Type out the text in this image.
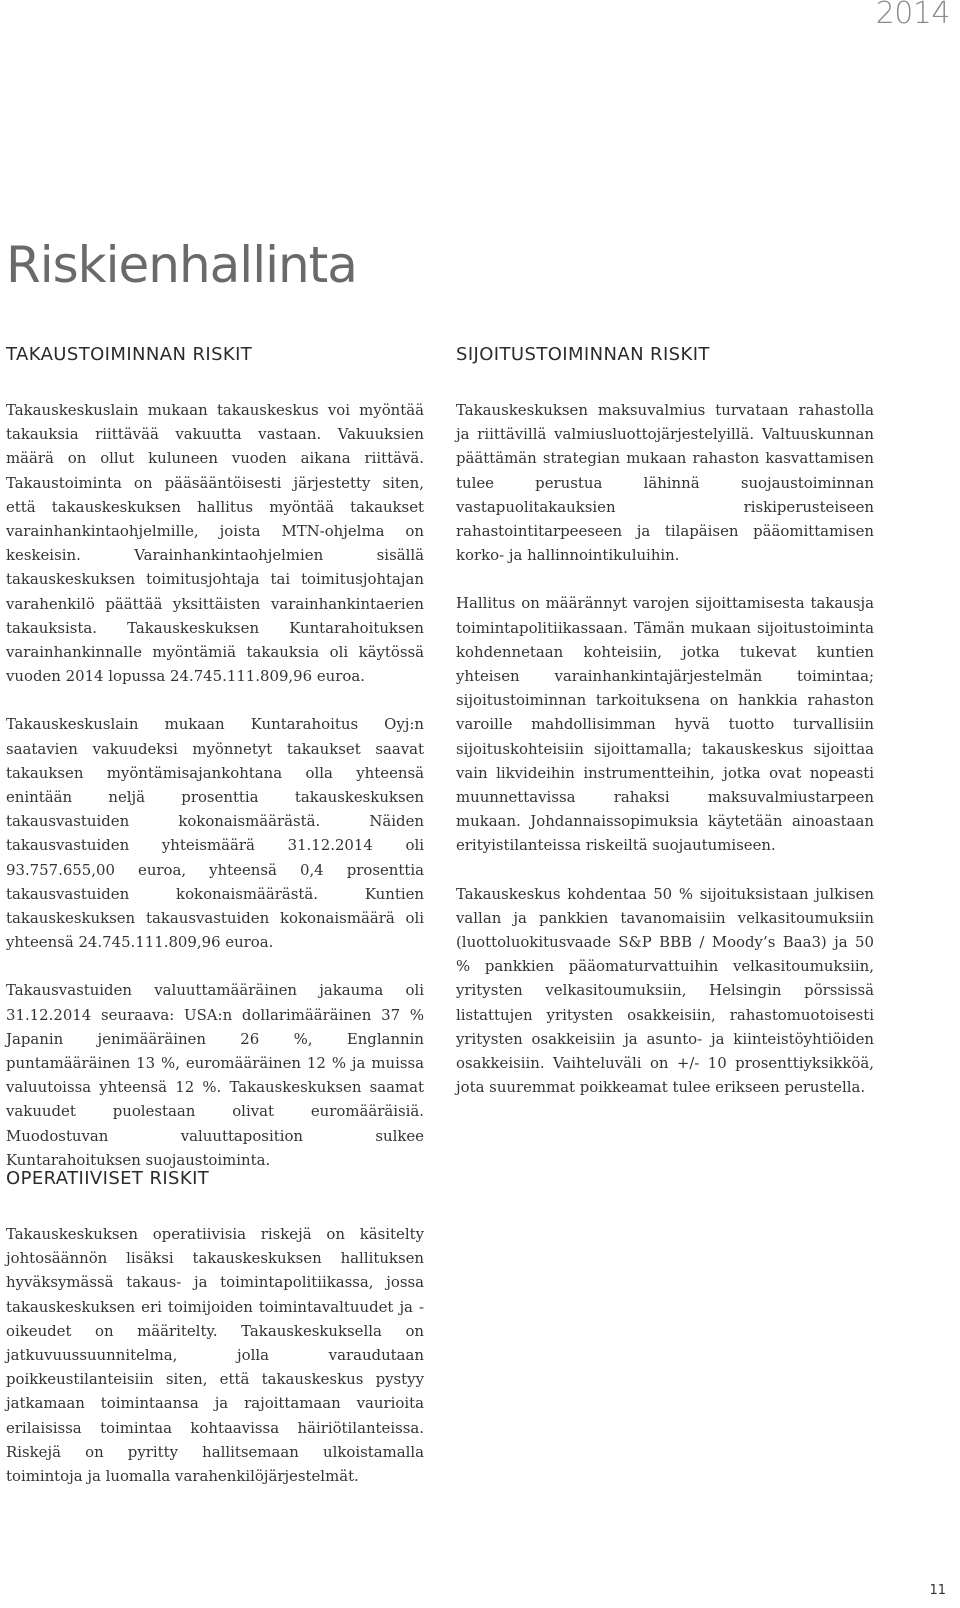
2014
Riskienhallinta
TAKAUSTOIMINNAN RISKIT

Takauskeskuslain mukaan takauskeskus voi myöntää takauksia riittävää vakuutta vastaan. Vakuuksien määrä on ollut kuluneen vuoden aikana riittävä. Takaustoiminta on pääsääntöisesti järjestetty siten, että takauskeskuksen hallitus myöntää takaukset varainhankintaohjelmille, joista MTN-ohjelma on keskeisin. Varainhankintaohjelmien sisällä takauskeskuksen toimitusjohtaja tai toimitusjohtajan varahenkilö päättää yksittäisten varainhankintaerien takauksista. Takauskeskuksen Kuntarahoituksen varainhankinnalle myöntämiä takauksia oli käytössä vuoden 2014 lopussa 24.745.111.809,96 euroa.

Takauskeskuslain mukaan Kuntarahoitus Oyj:n saatavien vakuudeksi myönnetyt takaukset saavat takauksen myöntämisajankohtana olla yhteensä enintään neljä prosenttia takauskeskuksen takausvastuiden kokonaismäärästä. Näiden takausvastuiden yhteismäärä 31.12.2014 oli 93.757.655,00 euroa, yhteensä 0,4 prosenttia takausvastuiden kokonaismäärästä. Kuntien takauskeskuksen takausvastuiden kokonaismäärä oli yhteensä 24.745.111.809,96 euroa.

Takausvastuiden valuuttamääräinen jakauma oli 31.12.2014 seuraava: USA:n dollarimääräinen 37 % Japanin jenimääräinen 26 %, Englannin puntamääräinen 13 %, euromääräinen 12 % ja muissa valuutoissa yhteensä 12 %. Takauskeskuksen saamat vakuudet puolestaan olivat euromääräisiä. Muodostuvan valuuttaposition sulkee Kuntarahoituksen suojaustoiminta.

SIJOITUSTOIMINNAN RISKIT

Takauskeskuksen maksuvalmius turvataan rahastolla ja riittävillä valmiusluottojärjestelyillä. Valtuuskunnan päättämän strategian mukaan rahaston kasvattamisen tulee perustua lähinnä suojaustoiminnan vastapuolitakauksien riskiperusteiseen rahastointitarpeeseen ja tilapäisen pääomittamisen korko- ja hallinnointikuluihin.

Hallitus on määrännyt varojen sijoittamisesta takausja toimintapolitiikassaan. Tämän mukaan sijoitustoiminta kohdennetaan kohteisiin, jotka tukevat kuntien yhteisen varainhankintajärjestelmän toimintaa; sijoitustoiminnan tarkoituksena on hankkia rahaston varoille mahdollisimman hyvä tuotto turvallisiin sijoituskohteisiin sijoittamalla; takauskeskus sijoittaa vain likvideihin instrumentteihin, jotka ovat nopeasti muunnettavissa rahaksi maksuvalmiustarpeen mukaan. Johdannaissopimuksia käytetään ainoastaan erityistilanteissa riskeiltä suojautumiseen.

Takauskeskus kohdentaa 50 % sijoituksistaan julkisen vallan ja pankkien tavanomaisiin velkasitoumuksiin (luottoluokitusvaade S&P BBB / Moody’s Baa3) ja 50 % pankkien pääomaturvattuihin velkasitoumuksiin, yritysten velkasitoumuksiin, Helsingin pörssissä listattujen yritysten osakkeisiin, rahastomuotoisesti yritysten osakkeisiin ja asunto- ja kiinteistöyhtiöiden osakkeisiin. Vaihteluväli on +/- 10 prosenttiyksikköä, jota suuremmat poikkeamat tulee erikseen perustella.

OPERATIIVISET RISKIT

Takauskeskuksen operatiivisia riskejä on käsitelty johtosäännön lisäksi takauskeskuksen hallituksen hyväksymässä takaus- ja toimintapolitiikassa, jossa takauskeskuksen eri toimijoiden toimintavaltuudet ja -oikeudet on määritelty. Takauskeskuksella on jatkuvuussuunnitelma, jolla varaudutaan poikkeustilanteisiin siten, että takauskeskus pystyy jatkamaan toimintaansa ja rajoittamaan vaurioita erilaisissa toimintaa kohtaavissa häiriötilanteissa. Riskejä on pyritty hallitsemaan ulkoistamalla toimintoja ja luomalla varahenkilöjärjestelmät.

11
